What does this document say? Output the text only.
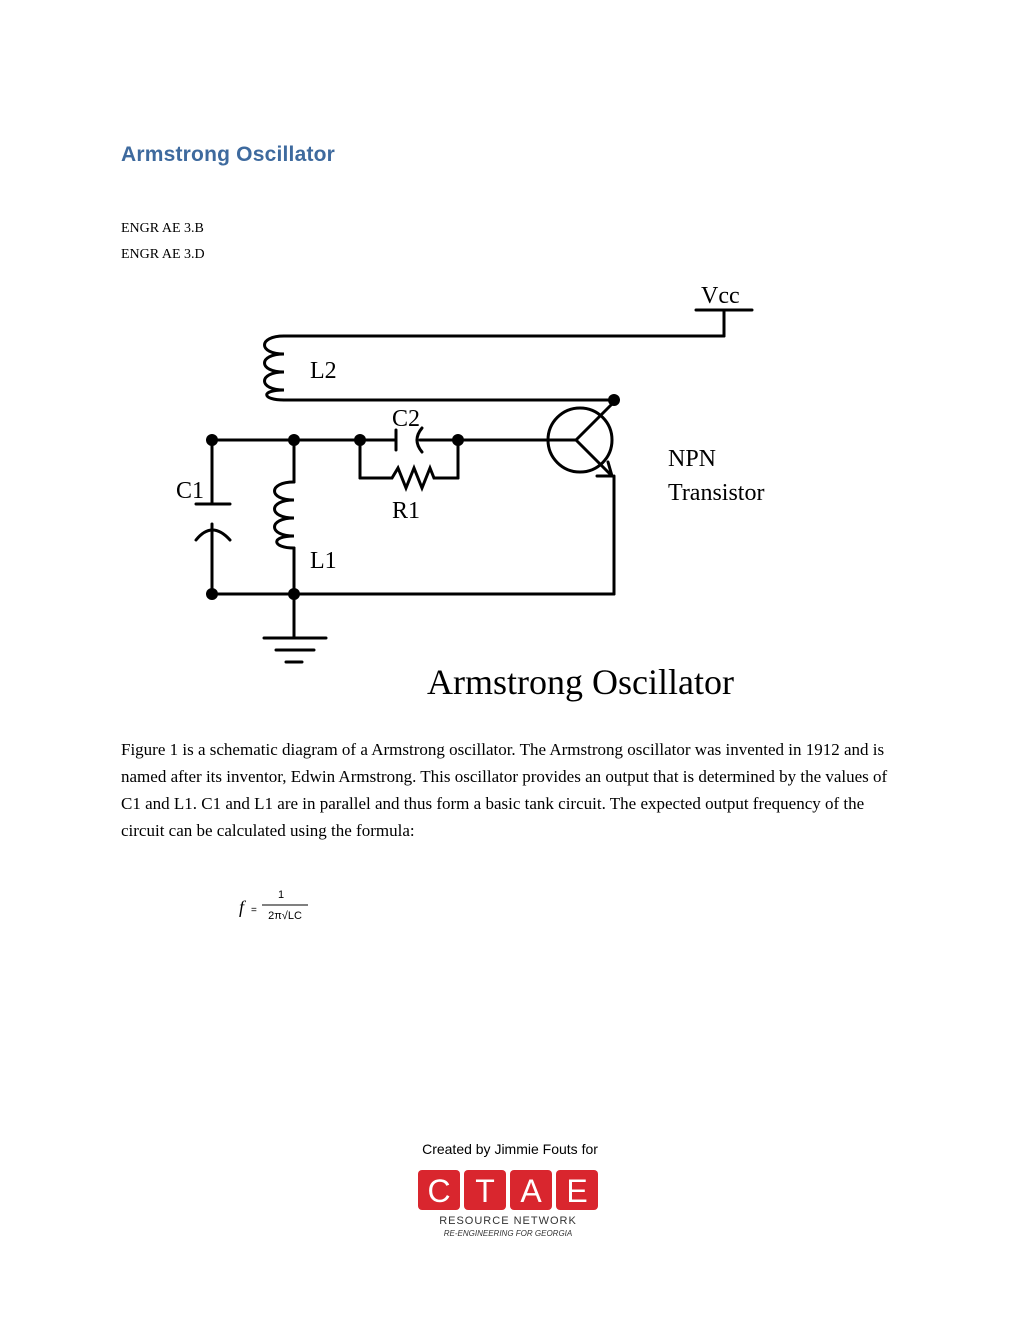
Armstrong Oscillator
ENGR AE 3.B
ENGR AE 3.D
Vcc
L2
C2
R1
C1
L1
NPN
Transistor
Armstrong Oscillator

Figure 1 is a schematic diagram of a Armstrong oscillator. The Armstrong oscillator was invented in 1912 and is named after its inventor, Edwin Armstrong. This oscillator provides an output that is determined by the values of C1 and L1. C1 and L1 are in parallel and thus form a basic tank circuit. The expected output frequency of the circuit can be calculated using the formula:

f =
1
2π√LC
Created by Jimmie Fouts for
C T A E
RESOURCE NETWORK
RE-ENGINEERING FOR GEORGIA
